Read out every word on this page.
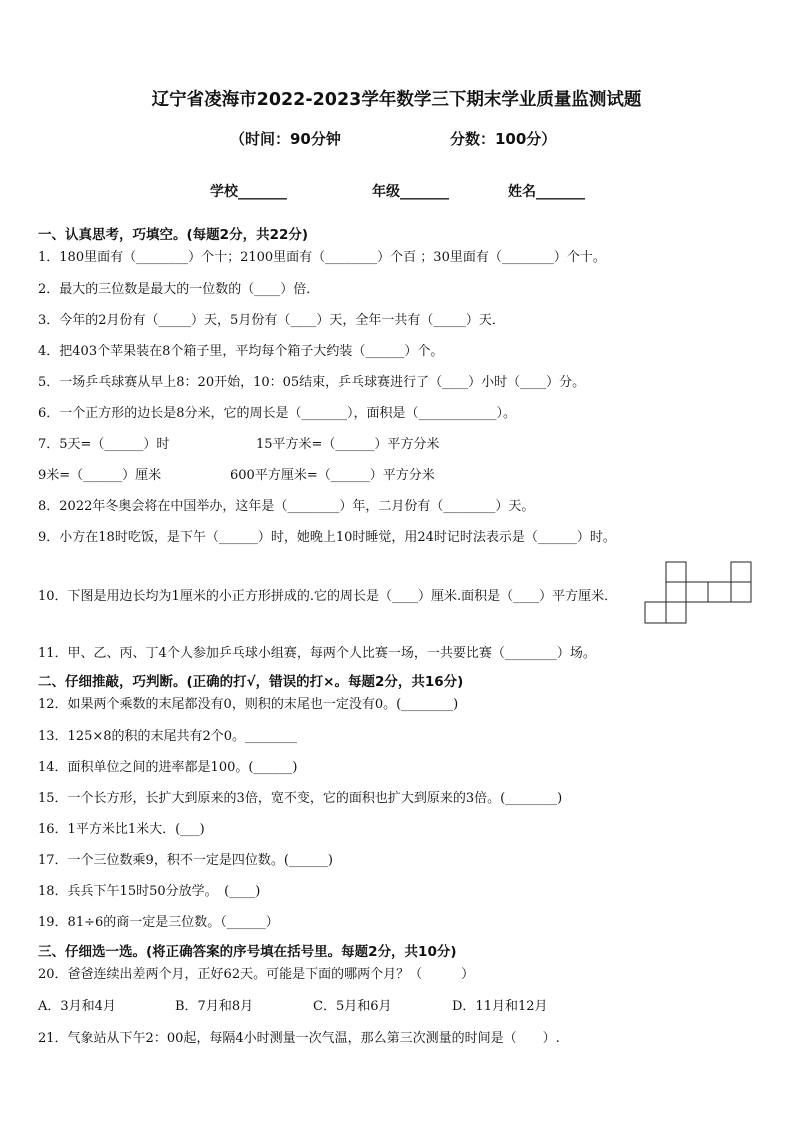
辽宁省凌海市2022-2023学年数学三下期末学业质量监测试题
（时间：90分钟	分数：100分）
学校_______	年级_______	姓名_______
一、认真思考，巧填空。(每题2分，共22分)
1．180里面有（________）个十；2100里面有（________）个百 ；30里面有（________）个十。
2．最大的三位数是最大的一位数的（____）倍．
3．今年的2月份有（_____）天，5月份有（____）天，全年一共有（_____）天．
4．把403个苹果装在8个箱子里，平均每个箱子大约装（______）个。
5．一场乒乓球赛从早上8：20开始，10：05结束，乒乓球赛进行了（____）小时（____）分。
6．一个正方形的边长是8分米，它的周长是（_______），面积是（____________）。
7．5天=（______）时	15平方米=（______）平方分米
9米=（______）厘米	600平方厘米=（______）平方分米
8．2022年冬奥会将在中国举办，这年是（________）年，二月份有（________）天。
9．小方在18时吃饭，是下午（______）时，她晚上10时睡觉，用24时记时法表示是（______）时。
10．下图是用边长均为1厘米的小正方形拼成的.它的周长是（____）厘米.面积是（____）平方厘米．
11．甲、乙、丙、丁4个人参加乒乓球小组赛，每两个人比赛一场，一共要比赛（________）场。
二、仔细推敲，巧判断。(正确的打√，错误的打×。每题2分，共16分)
12．如果两个乘数的末尾都没有0，则积的末尾也一定没有0。(________)
13．125×8的积的末尾共有2个0。________
14．面积单位之间的进率都是100。(______)
15．一个长方形，长扩大到原来的3倍，宽不变，它的面积也扩大到原来的3倍。(________)
16．1平方米比1米大．(___)
17．一个三位数乘9，积不一定是四位数。(______)
18．兵兵下午15时50分放学。　(____)
19．81÷6的商一定是三位数。（______）
三、仔细选一选。(将正确答案的序号填在括号里。每题2分，共10分)
20．爸爸连续出差两个月，正好62天。可能是下面的哪两个月？（　　　）
A．3月和4月	B．7月和8月	C．5月和6月	D．11月和12月
21．气象站从下午2：00起，每隔4小时测量一次气温，那么第三次测量的时间是（　　）.
